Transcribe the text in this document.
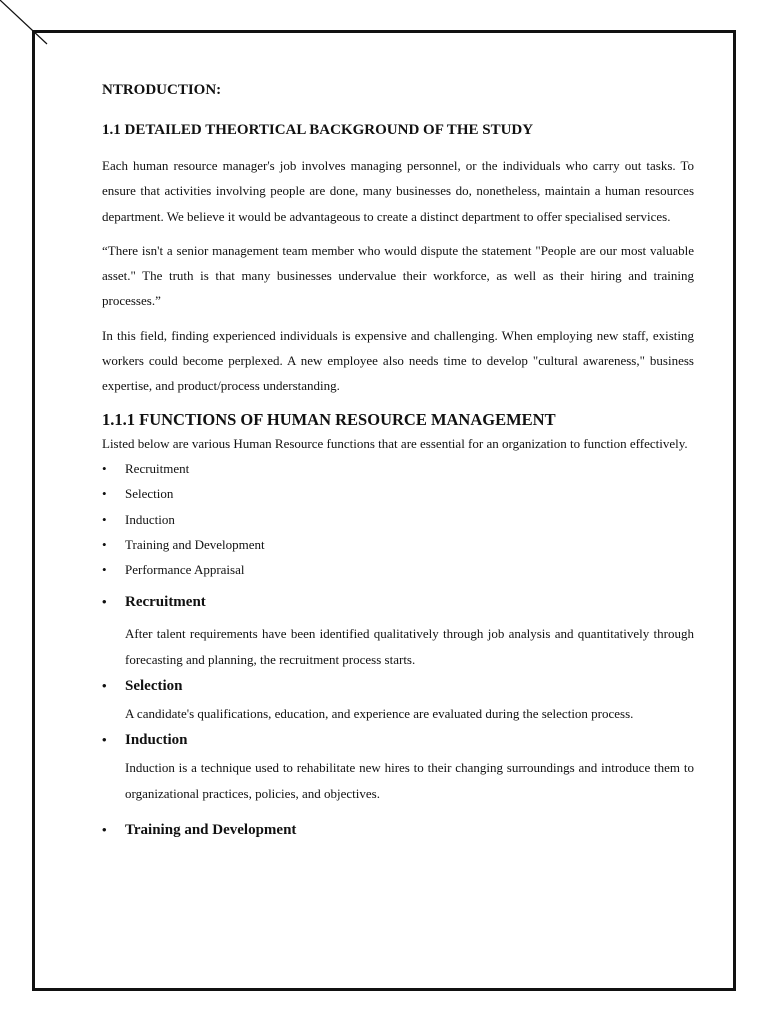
NTRODUCTION:
1.1 DETAILED THEORTICAL BACKGROUND OF THE STUDY

Each human resource manager's job involves managing personnel, or the individuals who carry out tasks. To ensure that activities involving people are done, many businesses do, nonetheless, maintain a human resources department. We believe it would be advantageous to create a distinct department to offer specialised services.

“There isn't a senior management team member who would dispute the statement "People are our most valuable asset." The truth is that many businesses undervalue their workforce, as well as their hiring and training processes.”

In this field, finding experienced individuals is expensive and challenging. When employing new staff, existing workers could become perplexed. A new employee also needs time to develop "cultural awareness," business expertise, and product/process understanding.

1.1.1 FUNCTIONS OF HUMAN RESOURCE MANAGEMENT

Listed below are various Human Resource functions that are essential for an organization to function effectively.

• Recruitment
• Selection
• Induction
• Training and Development
• Performance Appraisal
• Recruitment

After talent requirements have been identified qualitatively through job analysis and quantitatively through forecasting and planning, the recruitment process starts.

• Selection

A candidate's qualifications, education, and experience are evaluated during the selection process.

• Induction

Induction is a technique used to rehabilitate new hires to their changing surroundings and introduce them to organizational practices, policies, and objectives.

• Training and Development
